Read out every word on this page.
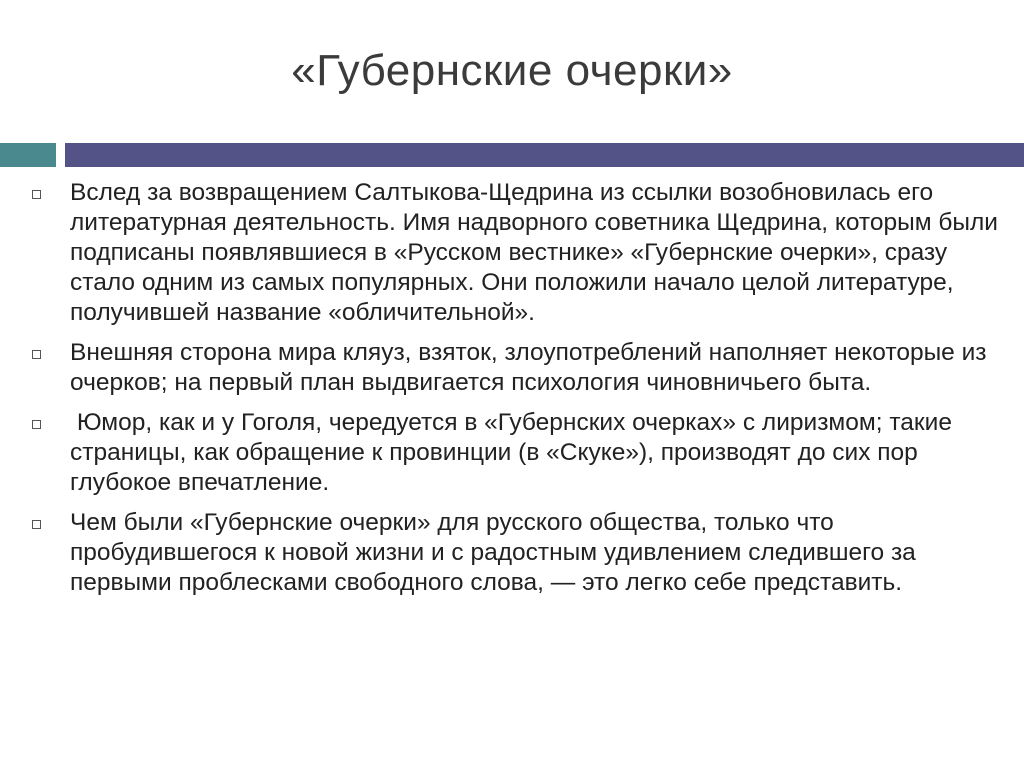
«Губернские очерки»
Вслед за возвращением Салтыкова-Щедрина из ссылки возобновилась его литературная деятельность. Имя надворного советника Щедрина, которым были подписаны появлявшиеся в «Русском вестнике» «Губернские очерки», сразу стало одним из самых популярных. Они положили начало целой литературе, получившей название «обличительной».
Внешняя сторона мира кляуз, взяток, злоупотреблений наполняет некоторые из очерков; на первый план выдвигается психология чиновничьего быта.
Юмор, как и у Гоголя, чередуется в «Губернских очерках» с лиризмом; такие страницы, как обращение к провинции (в «Скуке»), производят до сих пор глубокое впечатление.
Чем были «Губернские очерки» для русского общества, только что пробудившегося к новой жизни и с радостным удивлением следившего за первыми проблесками свободного слова, — это легко себе представить.
